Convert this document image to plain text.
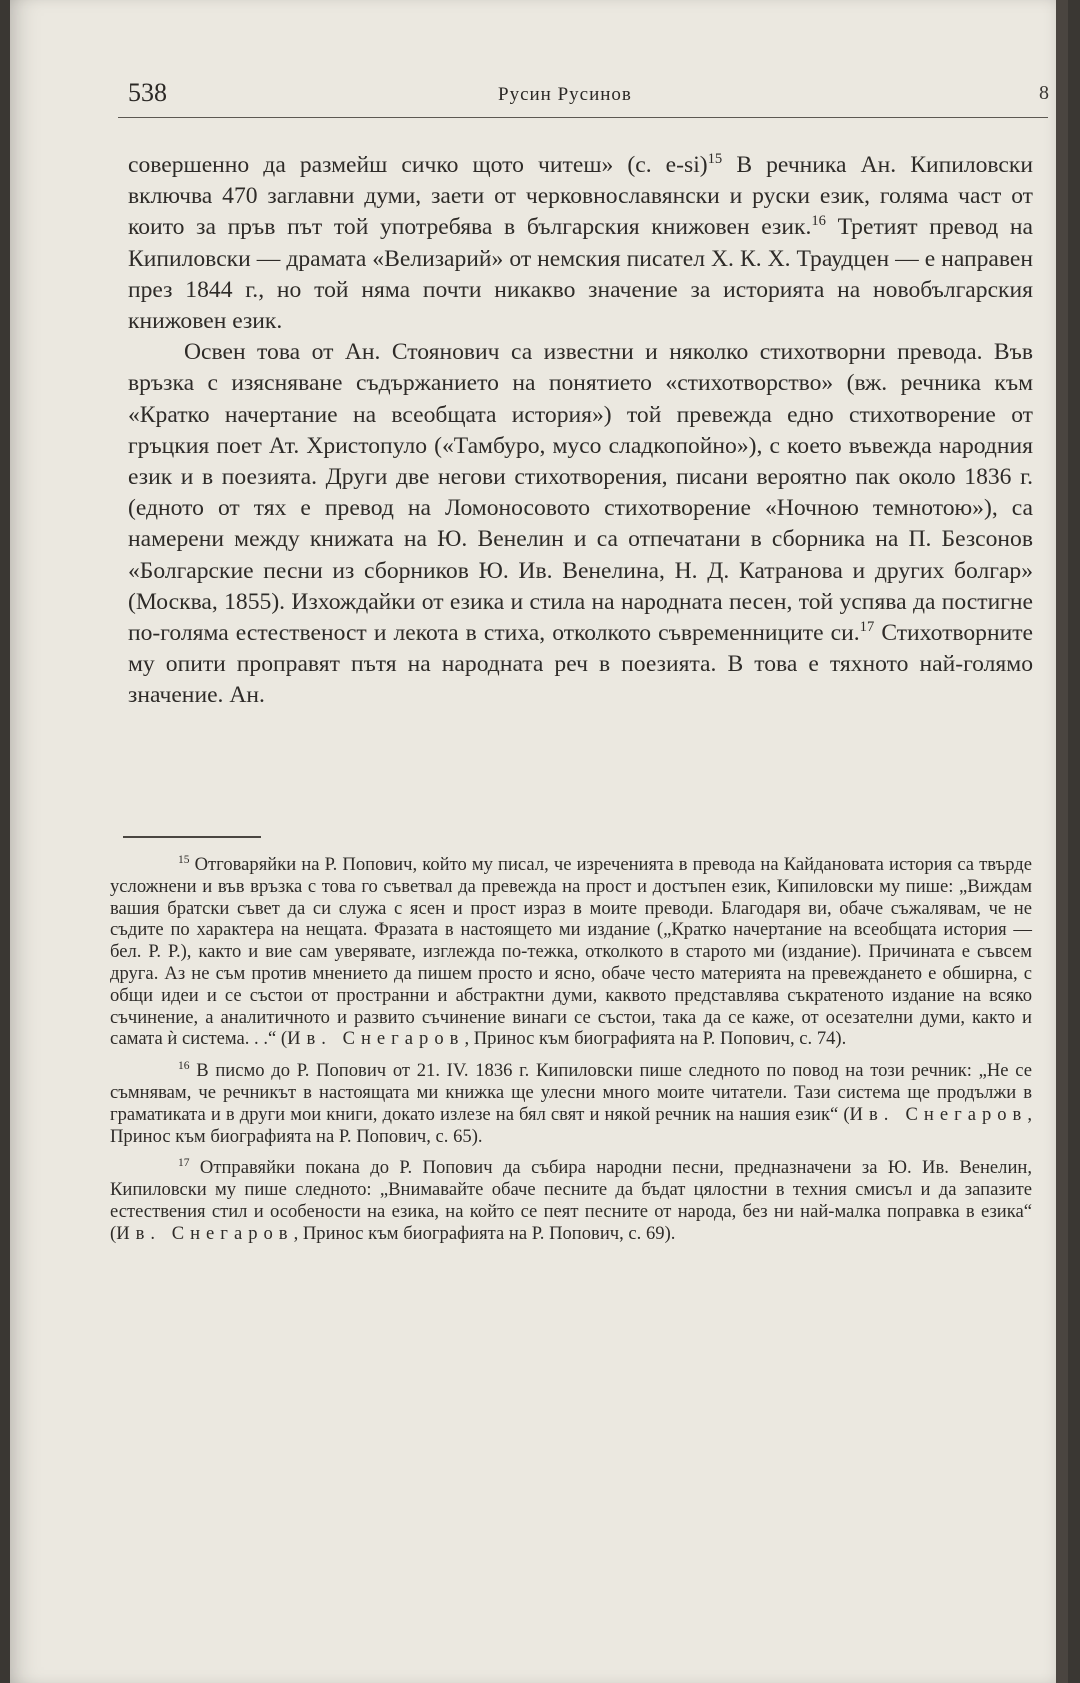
538	Русин Русинов	8

совершенно да размейш сичко щото читеш» (с. e-si)$^{15}$ В речника Ан. Кипиловски включва 470 заглавни думи, заети от черковнославянски и руски език, голяма част от които за пръв път той употребява в българския книжовен език.$^{16}$ Третият превод на Кипиловски — драмата «Велизарий» от немския писател Х. К. Х. Траудцен — е направен през 1844 г., но той няма почти никакво значение за историята на новобългарския книжовен език.

Освен това от Ан. Стоянович са известни и няколко стихотворни превода. Във връзка с изясняване съдържанието на понятието «стихотворство» (вж. речника към «Кратко начертание на всеобщата история») той превежда едно стихотворение от гръцкия поет Ат. Христопуло («Тамбуро, мусо сладкопойно»), с което въвежда народния език и в поезията. Други две негови стихотворения, писани вероятно пак около 1836 г. (едното от тях е превод на Ломоносовото стихотворение «Ночною темнотою»), са намерени между книжата на Ю. Венелин и са отпечатани в сборника на П. Безсонов «Болгарские песни из сборников Ю. Ив. Венелина, Н. Д. Катранова и других болгар» (Москва, 1855). Изхождайки от езика и стила на народната песен, той успява да постигне по-голяма естественост и лекота в стиха, отколкото съвременниците си.$^{17}$ Стихотворните му опити проправят пътя на народната реч в поезията. В това е тяхното най-голямо значение. Ан.

$^{15}$ Отговаряйки на Р. Попович, който му писал, че изреченията в превода на Кайдановата история са твърде усложнени и във връзка с това го съветвал да превежда на прост и достъпен език, Кипиловски му пише: „Виждам вашия братски съвет да си служа с ясен и прост израз в моите преводи. Благодаря ви, обаче съжалявам, че не съдите по характера на нещата. Фразата в настоящето ми издание („Кратко начертание на всеобщата история — бел. Р. Р.), както и вие сам уверявате, изглежда по-тежка, отколкото в старото ми (издание). Причината е съвсем друга. Аз не съм против мнението да пишем просто и ясно, обаче често материята на превеждането е обширна, с общи идеи и се състои от пространни и абстрактни думи, каквото представлява съкратеното издание на всяко съчинение, а аналитичното и развито съчинение винаги се състои, така да се каже, от осезателни думи, както и самата ѝ система. . .“ (Ив. Снегаров, Принос към биографията на Р. Попович, с. 74).

$^{16}$ В писмо до Р. Попович от 21. IV. 1836 г. Кипиловски пише следното по повод на този речник: „Не се съмнявам, че речникът в настоящата ми книжка ще улесни много моите читатели. Тази система ще продължи в граматиката и в други мои книги, докато излезе на бял свят и някой речник на нашия език“ (Ив. Снегаров, Принос към биографията на Р. Попович, с. 65).

$^{17}$ Отправяйки покана до Р. Попович да събира народни песни, предназначени за Ю. Ив. Венелин, Кипиловски му пише следното: „Внимавайте обаче песните да бъдат цялостни в техния смисъл и да запазите естествения стил и особености на езика, на който се пеят песните от народа, без ни най-малка поправка в езика“ (Ив. Снегаров, Принос към биографията на Р. Попович, с. 69).
